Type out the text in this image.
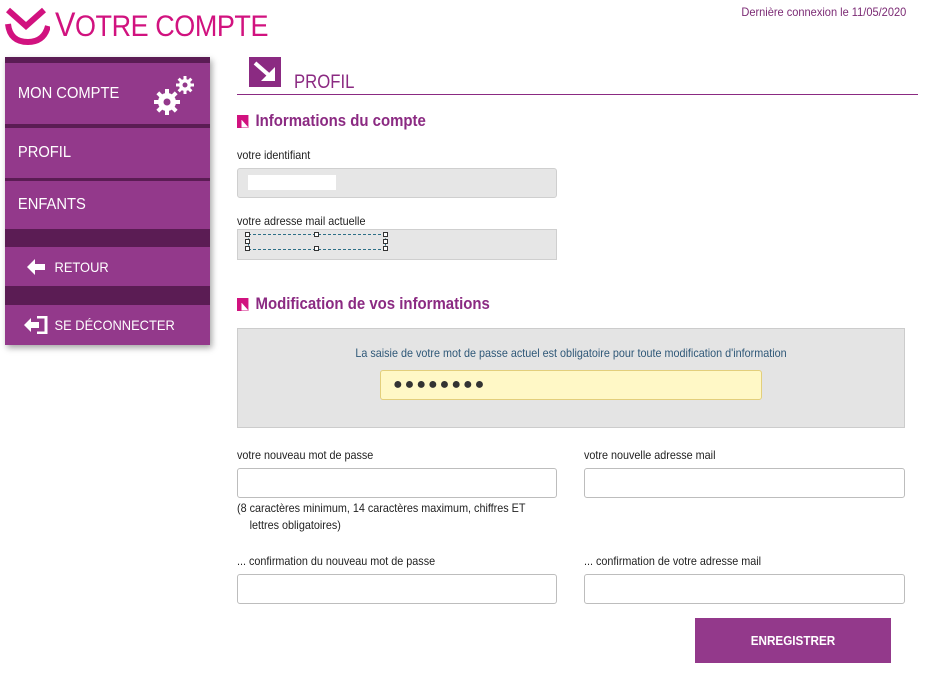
VOTRE COMPTE	Dernière connexion le 11/05/2020
MON COMPTE
PROFIL
ENFANTS
RETOUR
SE DÉCONNECTER
PROFIL
Informations du compte
votre identifiant
votre adresse mail actuelle
Modification de vos informations
La saisie de votre mot de passe actuel est obligatoire pour toute modification d'information
●●●●●●●●
votre nouveau mot de passe	votre nouvelle adresse mail
(8 caractères minimum, 14 caractères maximum, chiffres ET
lettres obligatoires)
... confirmation du nouveau mot de passe	... confirmation de votre adresse mail
ENREGISTRER
